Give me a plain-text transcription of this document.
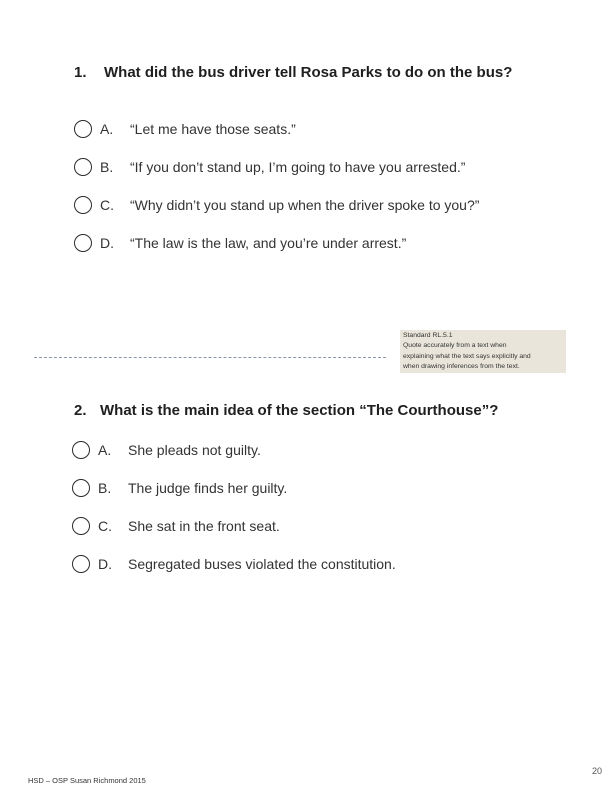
1. What did the bus driver tell Rosa Parks to do on the bus?
A.	“Let me have those seats.”
B.	“If you don’t stand up, I’m going to have you arrested.”
C.	“Why didn’t you stand up when the driver spoke to you?”
D.	“The law is the law, and you’re under arrest.”
Standard RL.5.1
Quote accurately from a text when
explaining what the text says explicitly and
when drawing inferences from the text.
2. What is the main idea of the section “The Courthouse”?
A.	She pleads not guilty.
B.	The judge finds her guilty.
C.	She sat in the front seat.
D.	Segregated buses violated the constitution.
HSD – OSP Susan Richmond 2015
20
